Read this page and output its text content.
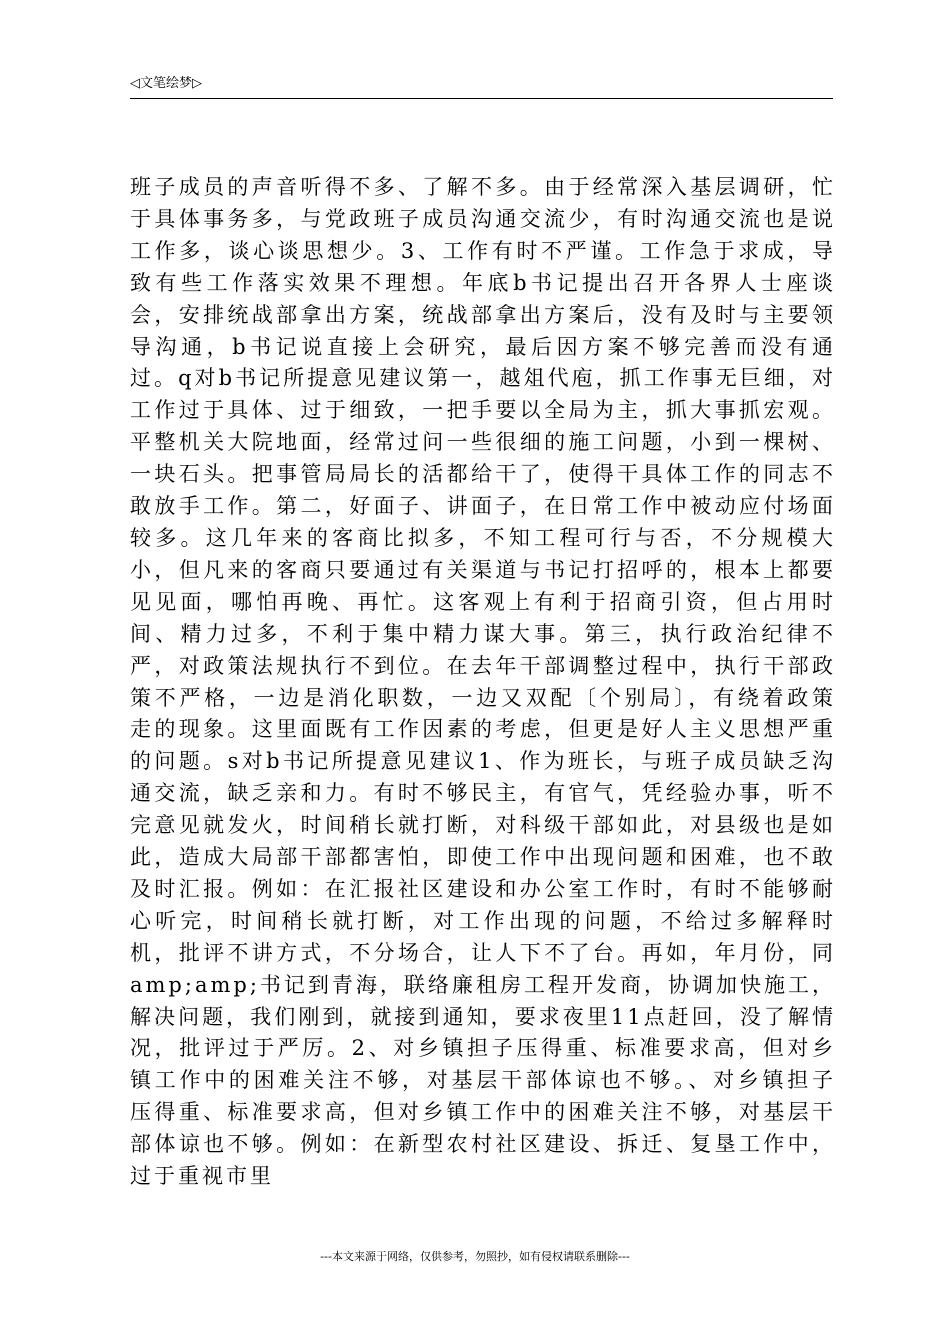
◁文笔绘梦▷

班子成员的声音听得不多、了解不多。由于经常深入基层调研，忙于具体事务多，与党政班子成员沟通交流少，有时沟通交流也是说工作多，谈心谈思想少。3、工作有时不严谨。工作急于求成，导致有些工作落实效果不理想。年底b书记提出召开各界人士座谈会，安排统战部拿出方案，统战部拿出方案后，没有及时与主要领导沟通，b书记说直接上会研究，最后因方案不够完善而没有通过。q对b书记所提意见建议第一，越俎代庖，抓工作事无巨细，对工作过于具体、过于细致，一把手要以全局为主，抓大事抓宏观。平整机关大院地面，经常过问一些很细的施工问题，小到一棵树、一块石头。把事管局局长的活都给干了，使得干具体工作的同志不敢放手工作。第二，好面子、讲面子，在日常工作中被动应付场面较多。这几年来的客商比拟多，不知工程可行与否，不分规模大小，但凡来的客商只要通过有关渠道与书记打招呼的，根本上都要见见面，哪怕再晚、再忙。这客观上有利于招商引资，但占用时间、精力过多，不利于集中精力谋大事。第三，执行政治纪律不严，对政策法规执行不到位。在去年干部调整过程中，执行干部政策不严格，一边是消化职数，一边又双配〔个别局〕，有绕着政策走的现象。这里面既有工作因素的考虑，但更是好人主义思想严重的问题。s对b书记所提意见建议1、作为班长，与班子成员缺乏沟通交流，缺乏亲和力。有时不够民主，有官气，凭经验办事，听不完意见就发火，时间稍长就打断，对科级干部如此，对县级也是如此，造成大局部干部都害怕，即使工作中出现问题和困难，也不敢及时汇报。例如：在汇报社区建设和办公室工作时，有时不能够耐心听完，时间稍长就打断，对工作出现的问题，不给过多解释时机，批评不讲方式，不分场合，让人下不了台。再如，年月份，同amp;amp;书记到青海，联络廉租房工程开发商，协调加快施工，解决问题，我们刚到，就接到通知，要求夜里11点赶回，没了解情况，批评过于严厉。2、对乡镇担子压得重、标准要求高，但对乡镇工作中的困难关注不够，对基层干部体谅也不够。、对乡镇担子压得重、标准要求高，但对乡镇工作中的困难关注不够，对基层干部体谅也不够。例如：在新型农村社区建设、拆迁、复垦工作中，过于重视市里

---本文来源于网络，仅供参考，勿照抄，如有侵权请联系删除---
